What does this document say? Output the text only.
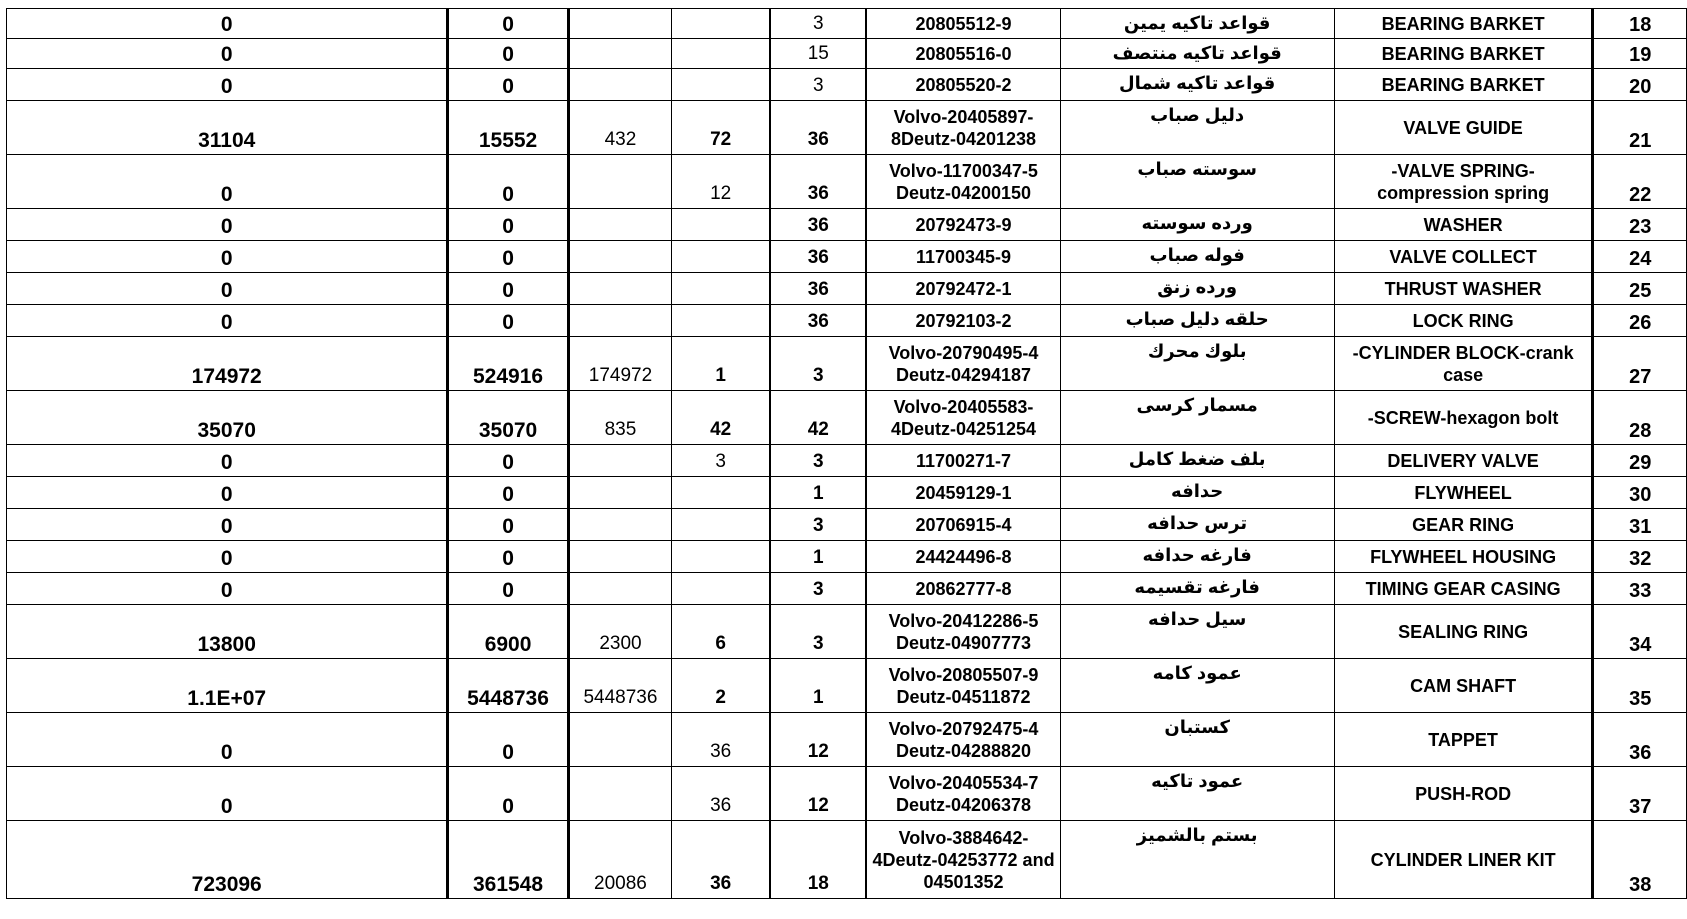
0	0			3	20805512-9	قواعد تاكيه يمين	BEARING BARKET	18
0	0			15	20805516-0	قواعد تاكيه منتصف	BEARING BARKET	19
0	0			3	20805520-2	قواعد تاكيه شمال	BEARING BARKET	20
31104	15552	432	72	36	Volvo-20405897-8Deutz-04201238	دليل صباب	VALVE GUIDE	21
0	0		12	36	Volvo-11700347-5 Deutz-04200150	سوسته صباب	-VALVE SPRING-compression spring	22
0	0			36	20792473-9	ورده سوسته	WASHER	23
0	0			36	11700345-9	فوله صباب	VALVE COLLECT	24
0	0			36	20792472-1	ورده زنق	THRUST WASHER	25
0	0			36	20792103-2	حلقه دليل صباب	LOCK RING	26
174972	524916	174972	1	3	Volvo-20790495-4 Deutz-04294187	بلوك محرك	-CYLINDER BLOCK-crank case	27
35070	35070	835	42	42	Volvo-20405583-4Deutz-04251254	مسمار كرسى	-SCREW-hexagon bolt	28
0	0		3	3	11700271-7	بلف ضغط كامل	DELIVERY VALVE	29
0	0			1	20459129-1	حدافه	FLYWHEEL	30
0	0			3	20706915-4	ترس حدافه	GEAR RING	31
0	0			1	24424496-8	فارغه حدافه	FLYWHEEL HOUSING	32
0	0			3	20862777-8	فارغه تقسيمه	TIMING GEAR CASING	33
13800	6900	2300	6	3	Volvo-20412286-5 Deutz-04907773	سيل حدافه	SEALING RING	34
1.1E+07	5448736	5448736	2	1	Volvo-20805507-9 Deutz-04511872	عمود كامه	CAM SHAFT	35
0	0		36	12	Volvo-20792475-4 Deutz-04288820	كستبان	TAPPET	36
0	0		36	12	Volvo-20405534-7 Deutz-04206378	عمود تاكيه	PUSH-ROD	37
723096	361548	20086	36	18	Volvo-3884642-4Deutz-04253772 and 04501352	بستم بالشميز	CYLINDER LINER KIT	38
